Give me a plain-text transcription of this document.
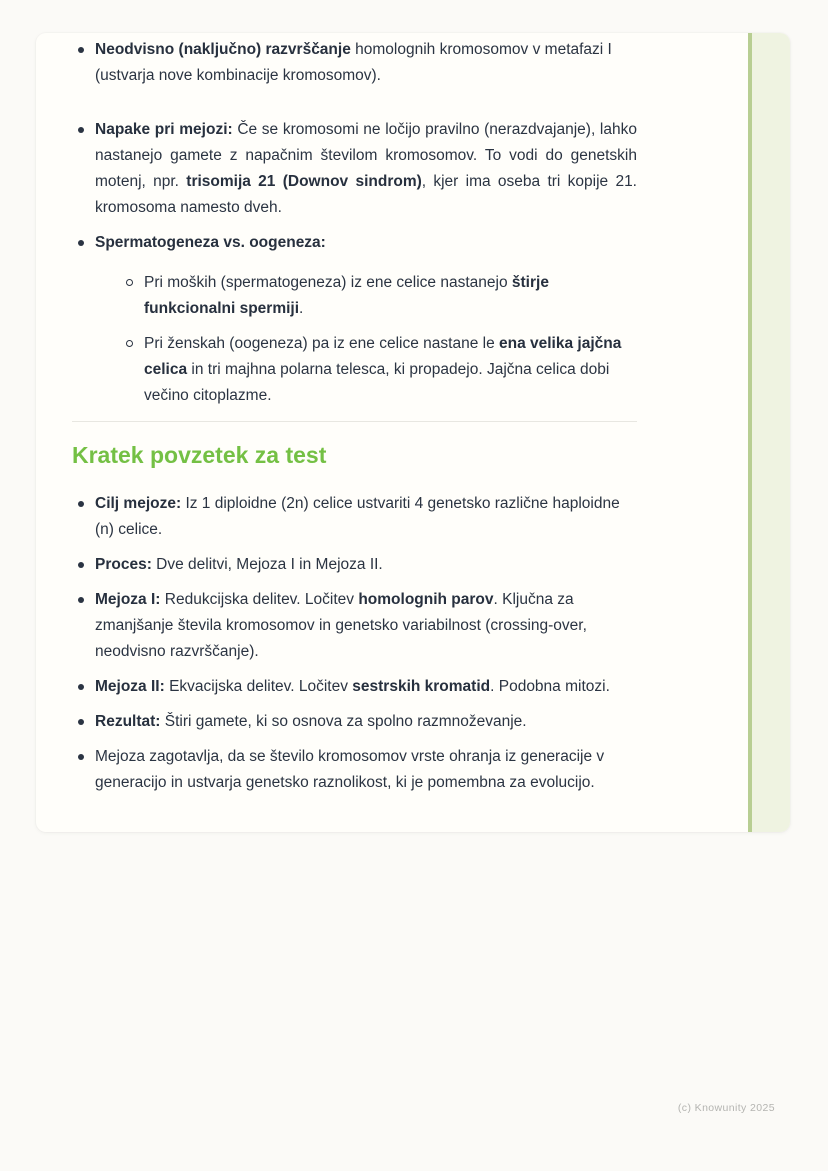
Neodvisno (naključno) razvrščanje homolognih kromosomov v metafazi I (ustvarja nove kombinacije kromosomov).
Napake pri mejozi: Če se kromosomi ne ločijo pravilno (nerazdvajanje), lahko nastanejo gamete z napačnim številom kromosomov. To vodi do genetskih motenj, npr. trisomija 21 (Downov sindrom), kjer ima oseba tri kopije 21. kromosoma namesto dveh.
Spermatogeneza vs. oogeneza:
Pri moških (spermatogeneza) iz ene celice nastanejo štirje funkcionalni spermiji.
Pri ženskah (oogeneza) pa iz ene celice nastane le ena velika jajčna celica in tri majhna polarna telesca, ki propadejo. Jajčna celica dobi večino citoplazme.
Kratek povzetek za test
Cilj mejoze: Iz 1 diploidne (2n) celice ustvariti 4 genetsko različne haploidne (n) celice.
Proces: Dve delitvi, Mejoza I in Mejoza II.
Mejoza I: Redukcijska delitev. Ločitev homolognih parov. Ključna za zmanjšanje števila kromosomov in genetsko variabilnost (crossing-over, neodvisno razvrščanje).
Mejoza II: Ekvacijska delitev. Ločitev sestrskih kromatid. Podobna mitozi.
Rezultat: Štiri gamete, ki so osnova za spolno razmnoževanje.
Mejoza zagotavlja, da se število kromosomov vrste ohranja iz generacije v generacijo in ustvarja genetsko raznolikost, ki je pomembna za evolucijo.
(c) Knowunity 2025
